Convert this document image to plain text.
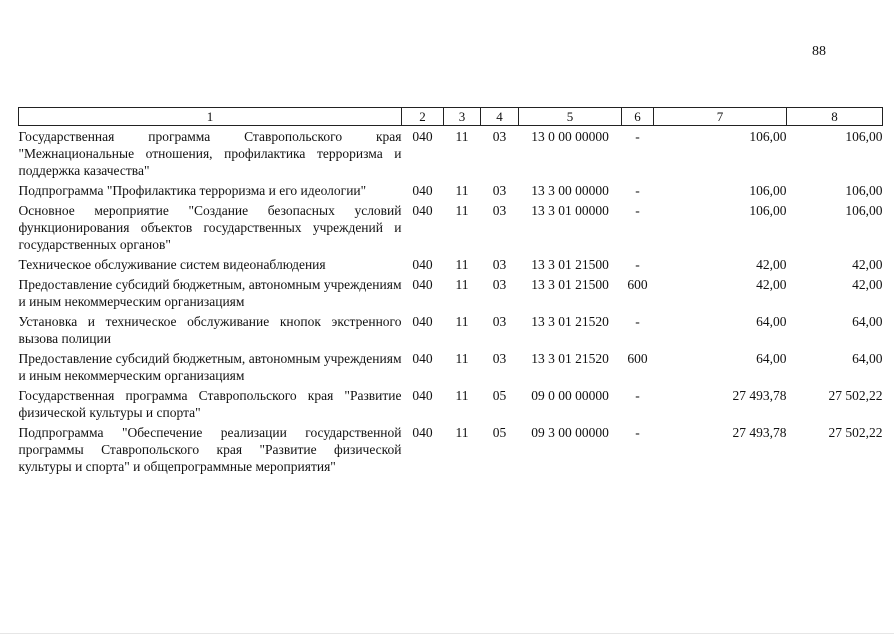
88
1	2	3	4	5	6	7	8
Государственная программа Ставропольского края "Межнациональные отношения, профилактика терроризма и поддержка казачества"	040	11	03	13 0 00 00000	-	106,00	106,00
Подпрограмма "Профилактика терроризма и его идеологии"	040	11	03	13 3 00 00000	-	106,00	106,00
Основное мероприятие "Создание безопасных условий функционирования объектов государственных учреждений и государственных органов"	040	11	03	13 3 01 00000	-	106,00	106,00
Техническое обслуживание систем видеонаблюдения	040	11	03	13 3 01 21500	-	42,00	42,00
Предоставление субсидий бюджетным, автономным учреждениям и иным некоммерческим организациям	040	11	03	13 3 01 21500	600	42,00	42,00
Установка и техническое обслуживание кнопок экстренного вызова полиции	040	11	03	13 3 01 21520	-	64,00	64,00
Предоставление субсидий бюджетным, автономным учреждениям и иным некоммерческим организациям	040	11	03	13 3 01 21520	600	64,00	64,00
Государственная программа Ставропольского края "Развитие физической культуры и спорта"	040	11	05	09 0 00 00000	-	27 493,78	27 502,22
Подпрограмма "Обеспечение реализации государственной программы Ставропольского края "Развитие физической культуры и спорта" и общепрограммные мероприятия"	040	11	05	09 3 00 00000	-	27 493,78	27 502,22
